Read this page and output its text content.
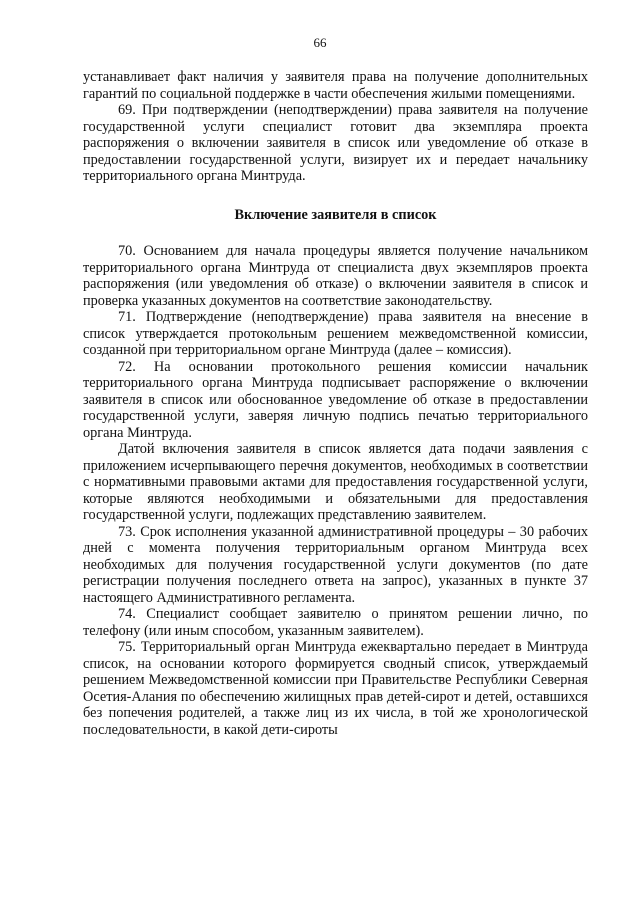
66

устанавливает факт наличия у заявителя права на получение дополнительных гарантий по социальной поддержке в части обеспечения жилыми помещениями.

69. При подтверждении (неподтверждении) права заявителя на получение государственной услуги специалист готовит два экземпляра проекта распоряжения о включении заявителя в список или уведомление об отказе в предоставлении государственной услуги, визирует их и передает начальнику территориального органа Минтруда.

Включение заявителя в список

70. Основанием для начала процедуры является получение начальником территориального органа Минтруда от специалиста двух экземпляров проекта распоряжения (или уведомления об отказе) о включении заявителя в список и проверка указанных документов на соответствие законодательству.

71. Подтверждение (неподтверждение) права заявителя на внесение в список утверждается протокольным решением межведомственной комиссии, созданной при территориальном органе Минтруда (далее – комиссия).

72. На основании протокольного решения комиссии начальник территориального органа Минтруда подписывает распоряжение о включении заявителя в список или обоснованное уведомление об отказе в предоставлении государственной услуги, заверяя личную подпись печатью территориального органа Минтруда.

Датой включения заявителя в список является дата подачи заявления с приложением исчерпывающего перечня документов, необходимых в соответствии с нормативными правовыми актами для предоставления государственной услуги, которые являются необходимыми и обязательными для предоставления государственной услуги, подлежащих представлению заявителем.

73. Срок исполнения указанной административной процедуры – 30 рабочих дней с момента получения территориальным органом Минтруда всех необходимых для получения государственной услуги документов (по дате регистрации получения последнего ответа на запрос), указанных в пункте 37 настоящего Административного регламента.

74. Специалист сообщает заявителю о принятом решении лично, по телефону (или иным способом, указанным заявителем).

75. Территориальный орган Минтруда ежеквартально передает в Минтруда список, на основании которого формируется сводный список, утверждаемый решением Межведомственной комиссии при Правительстве Республики Северная Осетия-Алания по обеспечению жилищных прав детей-сирот и детей, оставшихся без попечения родителей, а также лиц из их числа, в той же хронологической последовательности, в какой дети-сироты
